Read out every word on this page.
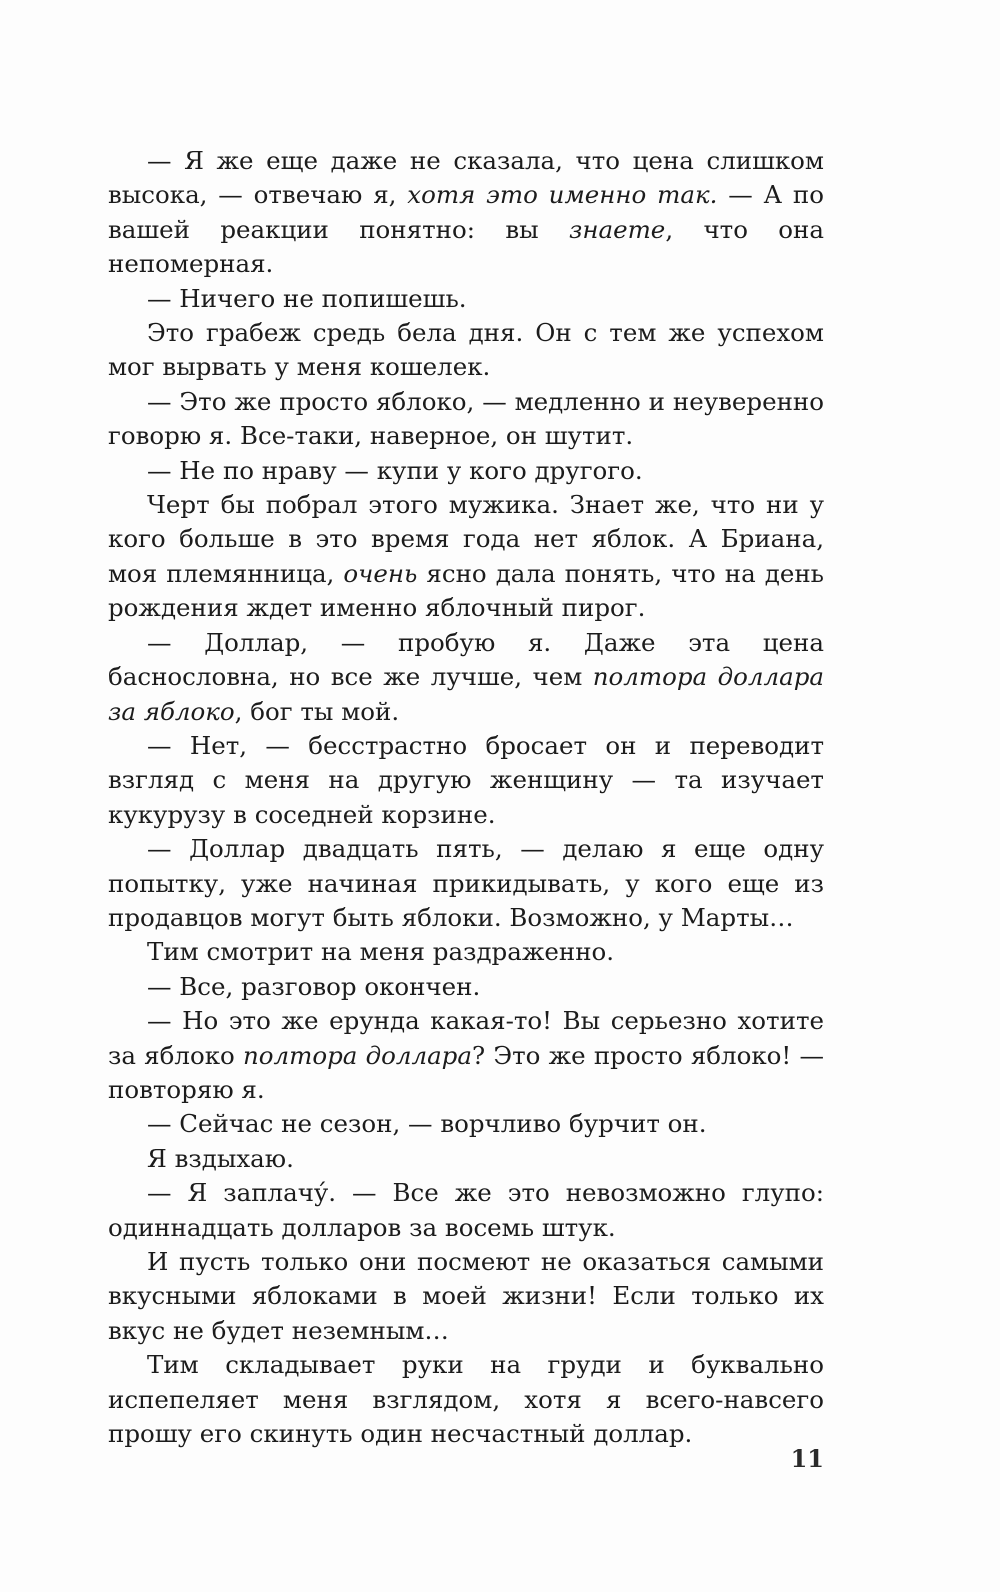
— Я же еще даже не сказала, что цена слишком высока, — отвечаю я, хотя это именно так. — А по вашей реакции понятно: вы знаете, что она непомерная.

— Ничего не попишешь.

Это грабеж средь бела дня. Он с тем же успехом мог вырвать у меня кошелек.

— Это же просто яблоко, — медленно и неуверенно говорю я. Все-таки, наверное, он шутит.

— Не по нраву — купи у кого другого.

Черт бы побрал этого мужика. Знает же, что ни у кого больше в это время года нет яблок. А Бриана, моя племянница, очень ясно дала понять, что на день рождения ждет именно яблочный пирог.

— Доллар, — пробую я. Даже эта цена баснословна, но все же лучше, чем полтора доллара за яблоко, бог ты мой.

— Нет, — бесстрастно бросает он и переводит взгляд с меня на другую женщину — та изучает кукурузу в соседней корзине.

— Доллар двадцать пять, — делаю я еще одну попытку, уже начиная прикидывать, у кого еще из продавцов могут быть яблоки. Возможно, у Марты…

Тим смотрит на меня раздраженно.

— Все, разговор окончен.

— Но это же ерунда какая-то! Вы серьезно хотите за яблоко полтора доллара? Это же просто яблоко! — повторяю я.

— Сейчас не сезон, — ворчливо бурчит он.

Я вздыхаю.

— Я заплачу́. — Все же это невозможно глупо: одиннадцать долларов за восемь штук.

И пусть только они посмеют не оказаться самыми вкусными яблоками в моей жизни! Если только их вкус не будет неземным…

Тим складывает руки на груди и буквально испепеляет меня взглядом, хотя я всего-навсего прошу его скинуть один несчастный доллар.

11
